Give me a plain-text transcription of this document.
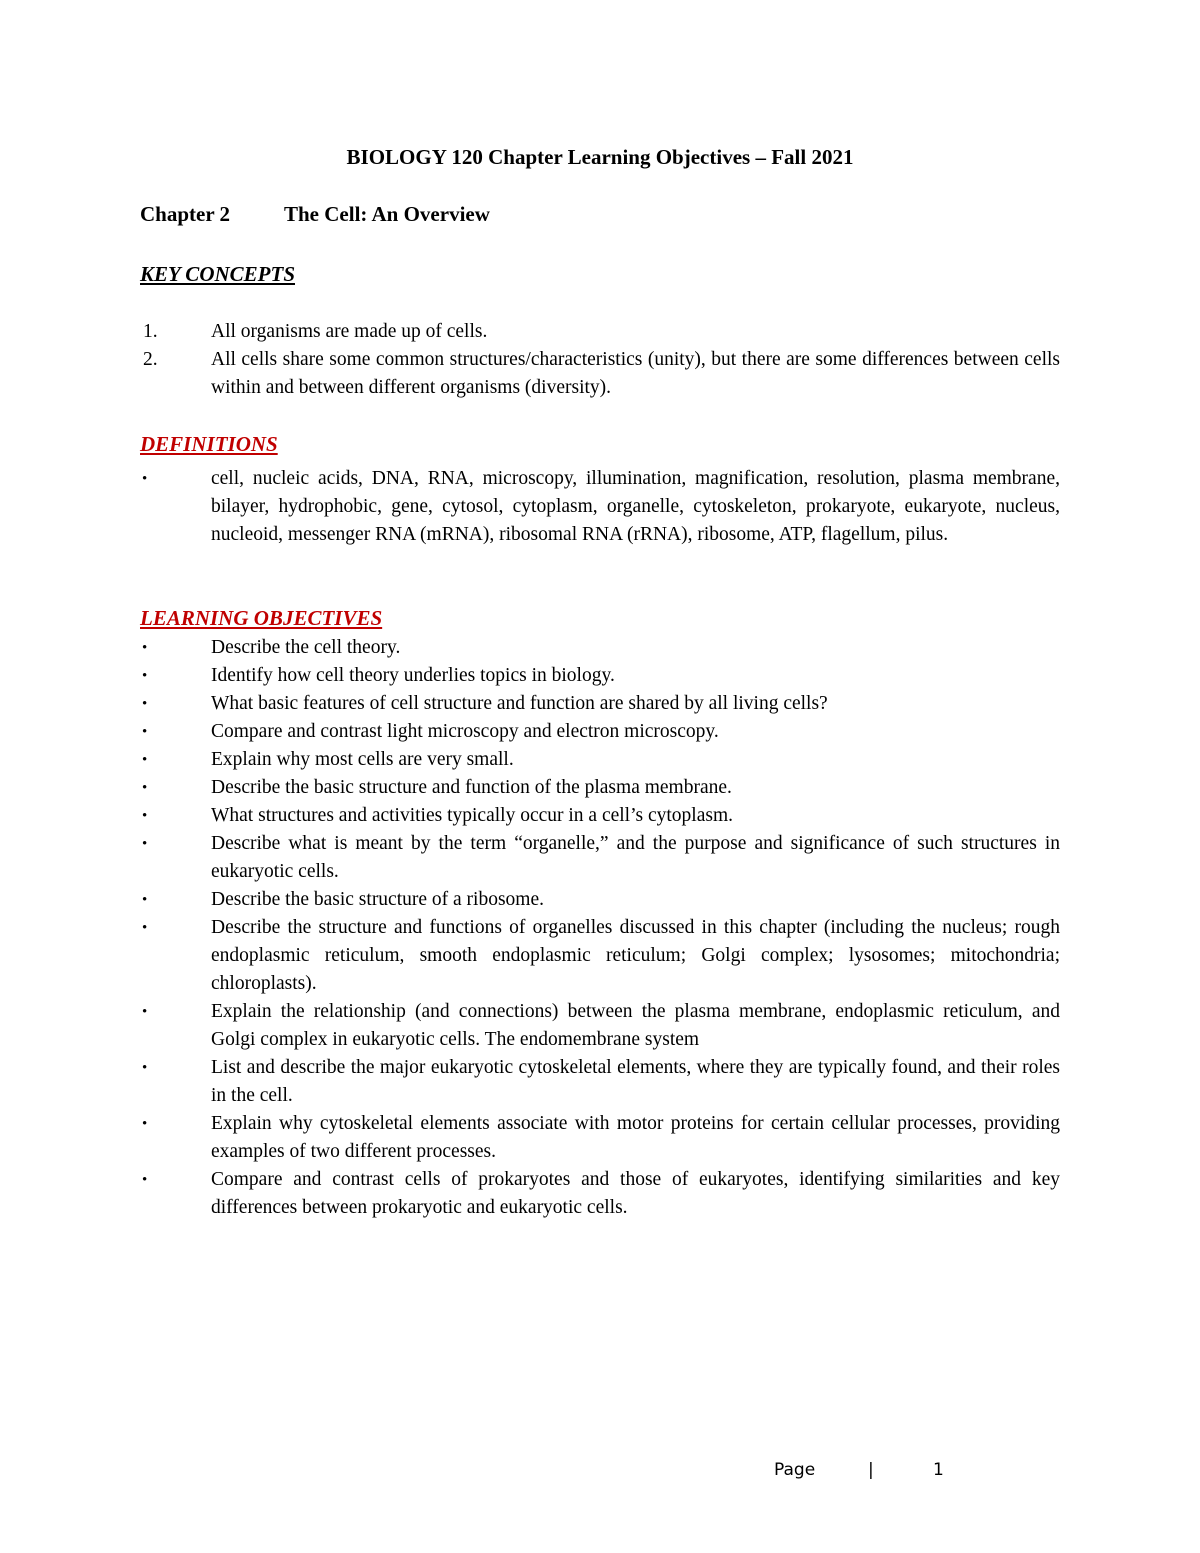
BIOLOGY 120 Chapter Learning Objectives – Fall 2021
Chapter 2	The Cell: An Overview
KEY CONCEPTS
1.	All organisms are made up of cells.
2.	All cells share some common structures/characteristics (unity), but there are some differences between cells within and between different organisms (diversity).
DEFINITIONS
•	cell, nucleic acids, DNA, RNA, microscopy, illumination, magnification, resolution, plasma membrane, bilayer, hydrophobic, gene, cytosol, cytoplasm, organelle, cytoskeleton, prokaryote, eukaryote, nucleus, nucleoid, messenger RNA (mRNA), ribosomal RNA (rRNA), ribosome, ATP, flagellum, pilus.
LEARNING OBJECTIVES
•	Describe the cell theory.
•	Identify how cell theory underlies topics in biology.
•	What basic features of cell structure and function are shared by all living cells?
•	Compare and contrast light microscopy and electron microscopy.
•	Explain why most cells are very small.
•	Describe the basic structure and function of the plasma membrane.
•	What structures and activities typically occur in a cell’s cytoplasm.
•	Describe what is meant by the term “organelle,” and the purpose and significance of such structures in eukaryotic cells.
•	Describe the basic structure of a ribosome.
•	Describe the structure and functions of organelles discussed in this chapter (including the nucleus; rough endoplasmic reticulum, smooth endoplasmic reticulum; Golgi complex; lysosomes; mitochondria; chloroplasts).
•	Explain the relationship (and connections) between the plasma membrane, endoplasmic reticulum, and Golgi complex in eukaryotic cells. The endomembrane system
•	List and describe the major eukaryotic cytoskeletal elements, where they are typically found, and their roles in the cell.
•	Explain why cytoskeletal elements associate with motor proteins for certain cellular processes, providing examples of two different processes.
•	Compare and contrast cells of prokaryotes and those of eukaryotes, identifying similarities and key differences between prokaryotic and eukaryotic cells.
Page	|	1
